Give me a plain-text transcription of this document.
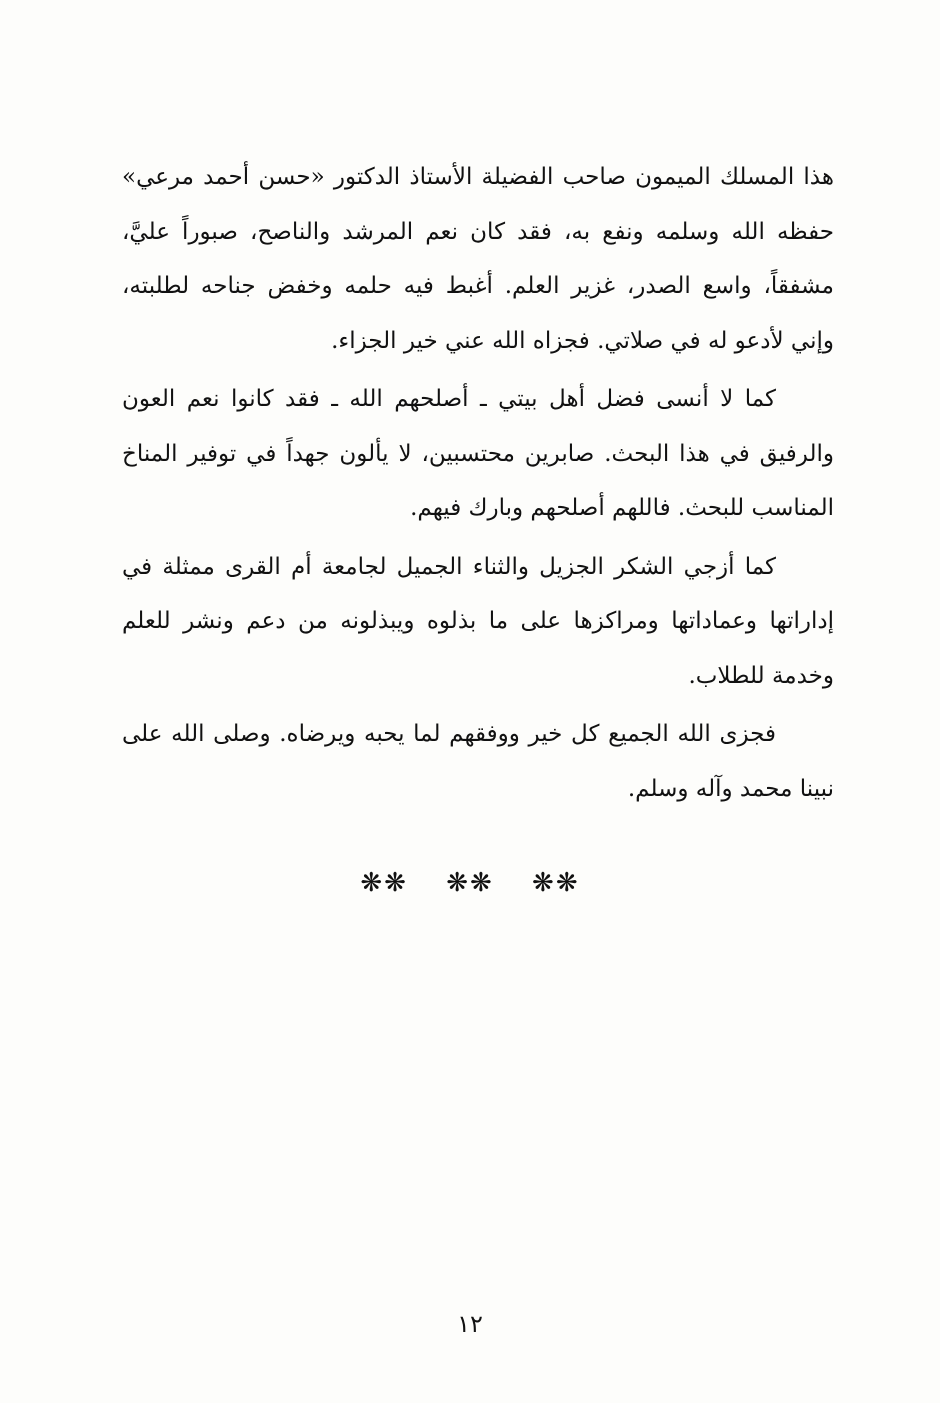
هذا المسلك الميمون صاحب الفضيلة الأستاذ الدكتور «حسن أحمد مرعي» حفظه الله وسلمه ونفع به، فقد كان نعم المرشد والناصح، صبوراً عليَّ، مشفقاً، واسع الصدر، غزير العلم. أغبط فيه حلمه وخفض جناحه لطلبته، وإني لأدعو له في صلاتي. فجزاه الله عني خير الجزاء.

كما لا أنسى فضل أهل بيتي ـ أصلحهم الله ـ فقد كانوا نعم العون والرفيق في هذا البحث. صابرين محتسبين، لا يألون جهداً في توفير المناخ المناسب للبحث. فاللهم أصلحهم وبارك فيهم.

كما أزجي الشكر الجزيل والثناء الجميل لجامعة أم القرى ممثلة في إداراتها وعماداتها ومراكزها على ما بذلوه ويبذلونه من دعم ونشر للعلم وخدمة للطلاب.

فجزى الله الجميع كل خير ووفقهم لما يحبه ويرضاه. وصلى الله على نبينا محمد وآله وسلم.

❋❋ ❋❋ ❋❋
١٢
